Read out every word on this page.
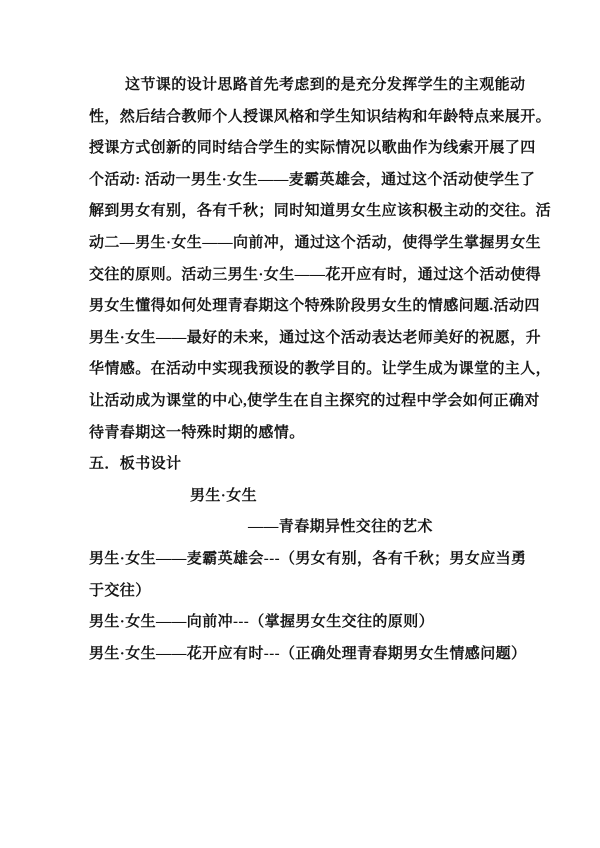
这节课的设计思路首先考虑到的是充分发挥学生的主观能动
性，然后结合教师个人授课风格和学生知识结构和年龄特点来展开。
授课方式创新的同时结合学生的实际情况以歌曲作为线索开展了四
个活动: 活动一男生·女生——麦霸英雄会，通过这个活动使学生了
解到男女有别，各有千秋；同时知道男女生应该积极主动的交往。活
动二—男生·女生——向前冲，通过这个活动，使得学生掌握男女生
交往的原则。活动三男生·女生——花开应有时，通过这个活动使得
男女生懂得如何处理青春期这个特殊阶段男女生的情感问题.活动四
男生·女生——最好的未来，通过这个活动表达老师美好的祝愿，升
华情感。在活动中实现我预设的教学目的。让学生成为课堂的主人，
让活动成为课堂的中心,使学生在自主探究的过程中学会如何正确对
待青春期这一特殊时期的感情。
五．板书设计
男生·女生
——青春期异性交往的艺术
男生·女生——麦霸英雄会---（男女有别，各有千秋；男女应当勇
于交往）
男生·女生——向前冲---（掌握男女生交往的原则）
男生·女生——花开应有时---（正确处理青春期男女生情感问题）
